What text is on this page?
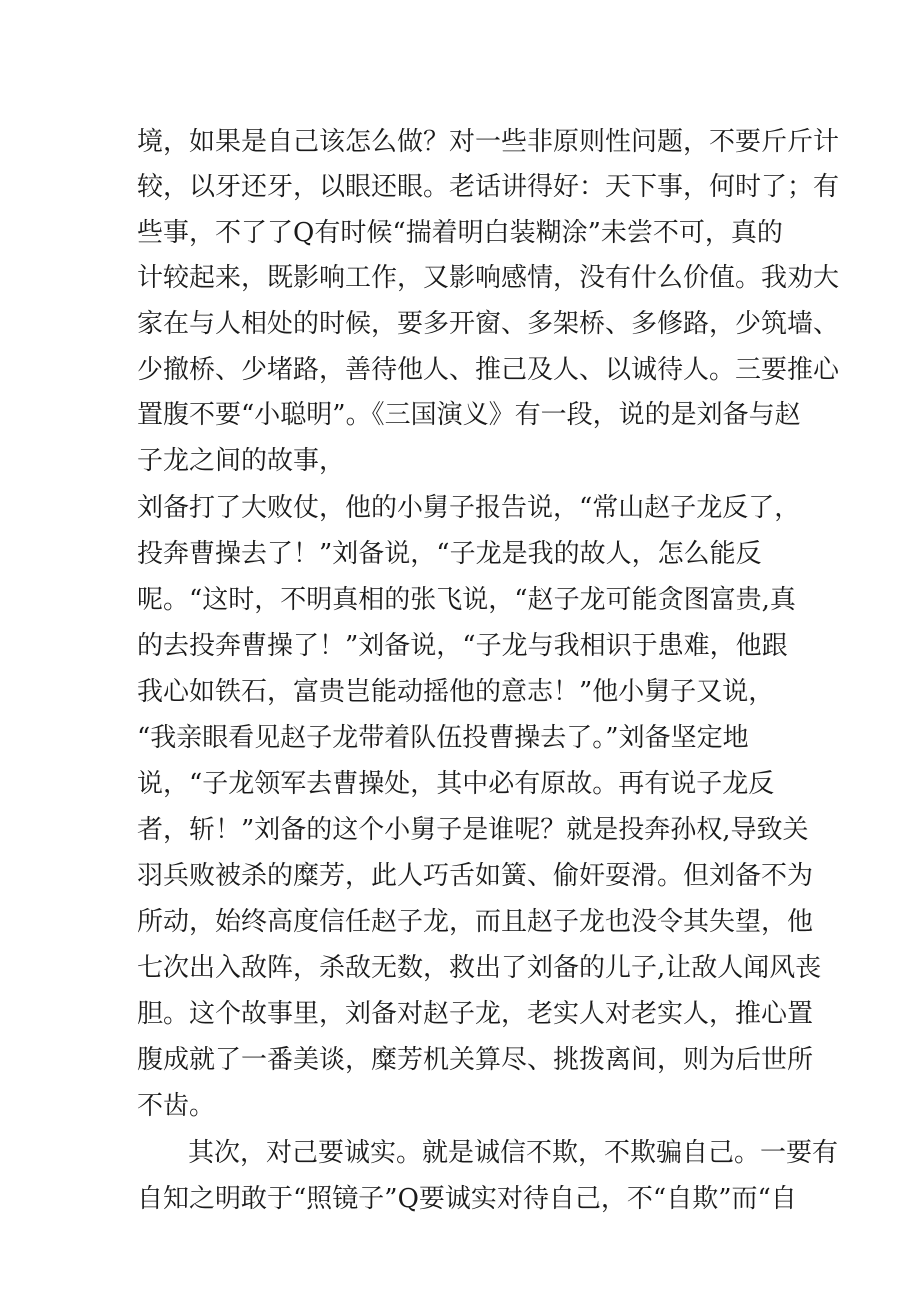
境，如果是自己该怎么做？对一些非原则性问题，不要斤斤计
较，以牙还牙，以眼还眼。老话讲得好：天下事，何时了；有
些事，不了了Q有时候“揣着明白装糊涂”未尝不可，真的
计较起来，既影响工作，又影响感情，没有什么价值。我劝大
家在与人相处的时候，要多开窗、多架桥、多修路，少筑墙、
少撤桥、少堵路，善待他人、推己及人、以诚待人。三要推心
置腹不要“小聪明”。《三国演义》有一段，说的是刘备与赵
子龙之间的故事，
刘备打了大败仗，他的小舅子报告说，“常山赵子龙反了，
投奔曹操去了！”刘备说，“子龙是我的故人，怎么能反
呢。“这时，不明真相的张飞说，“赵子龙可能贪图富贵,真
的去投奔曹操了！”刘备说，“子龙与我相识于患难，他跟
我心如铁石，富贵岂能动摇他的意志！”他小舅子又说，
“我亲眼看见赵子龙带着队伍投曹操去了。”刘备坚定地
说，“子龙领军去曹操处，其中必有原故。再有说子龙反
者，斩！”刘备的这个小舅子是谁呢？就是投奔孙权,导致关
羽兵败被杀的糜芳，此人巧舌如簧、偷奸耍滑。但刘备不为
所动，始终高度信任赵子龙，而且赵子龙也没令其失望，他
七次出入敌阵，杀敌无数，救出了刘备的儿子,让敌人闻风丧
胆。这个故事里，刘备对赵子龙，老实人对老实人，推心置
腹成就了一番美谈，糜芳机关算尽、挑拨离间，则为后世所
不齿。
其次，对己要诚实。就是诚信不欺，不欺骗自己。一要有
自知之明敢于“照镜子”Q要诚实对待自己，不“自欺”而“自
